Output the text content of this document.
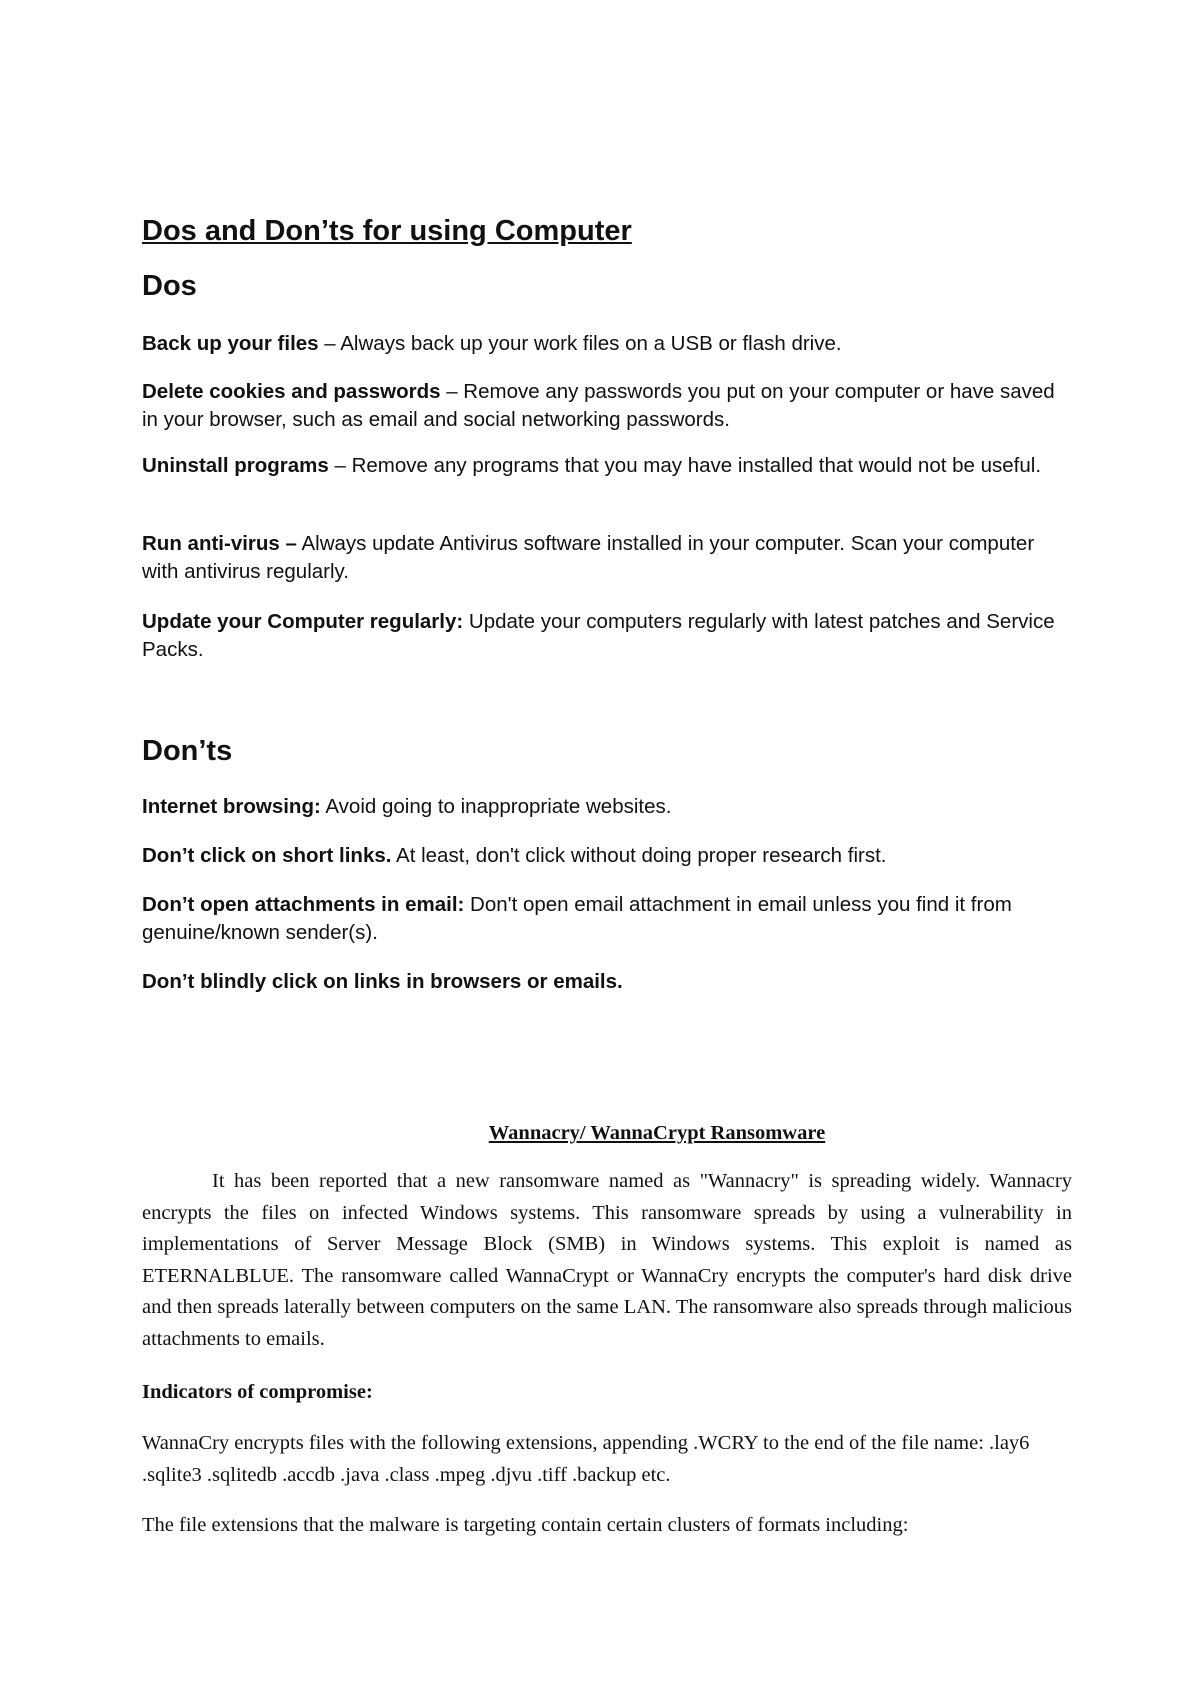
Dos and Don’ts for using Computer
Dos

Back up your files – Always back up your work files on a USB or flash drive.

Delete cookies and passwords – Remove any passwords you put on your computer or have saved in your browser, such as email and social networking passwords.

Uninstall programs – Remove any programs that you may have installed that would not be useful.

Run anti-virus – Always update Antivirus software installed in your computer. Scan your computer with antivirus regularly.

Update your Computer regularly: Update your computers regularly with latest patches and Service Packs.

Don’ts

Internet browsing: Avoid going to inappropriate websites.

Don’t click on short links. At least, don't click without doing proper research first.

Don’t open attachments in email: Don't open email attachment in email unless you find it from genuine/known sender(s).

Don’t blindly click on links in browsers or emails.

Wannacry/ WannaCrypt Ransomware

It has been reported that a new ransomware named as "Wannacry" is spreading widely. Wannacry encrypts the files on infected Windows systems. This ransomware spreads by using a vulnerability in implementations of Server Message Block (SMB) in Windows systems. This exploit is named as ETERNALBLUE. The ransomware called WannaCrypt or WannaCry encrypts the computer's hard disk drive and then spreads laterally between computers on the same LAN. The ransomware also spreads through malicious attachments to emails.

Indicators of compromise:

WannaCry encrypts files with the following extensions, appending .WCRY to the end of the file name: .lay6 .sqlite3 .sqlitedb .accdb .java .class .mpeg .djvu .tiff .backup etc.

The file extensions that the malware is targeting contain certain clusters of formats including:
